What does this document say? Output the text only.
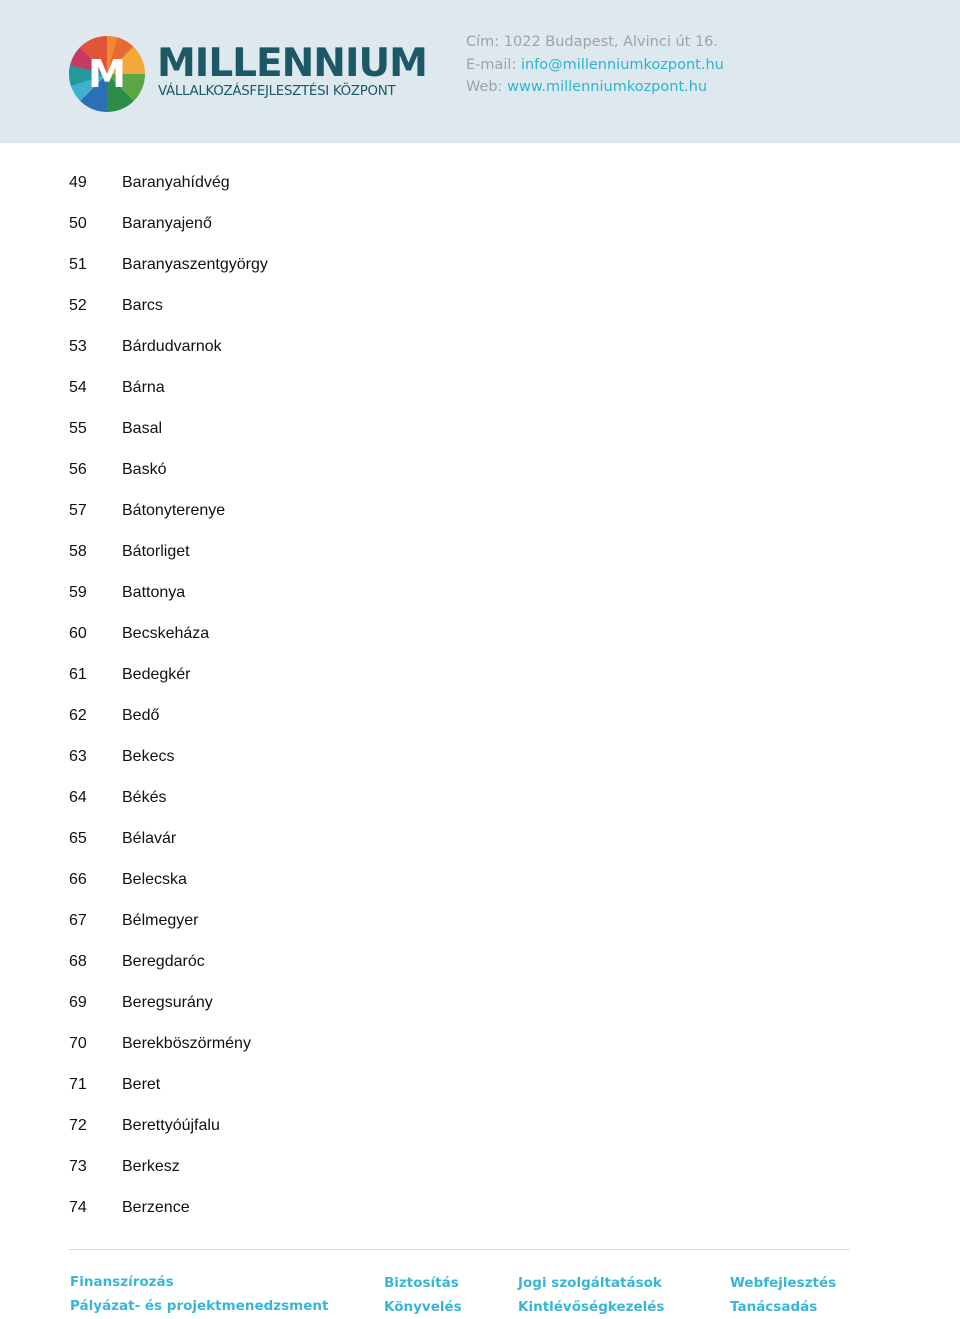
M MILLENNIUM
VÁLLALKOZÁSFEJLESZTÉSI KÖZPONT
Cím: 1022 Budapest, Alvinci út 16.
E-mail: info@millenniumkozpont.hu
Web: www.millenniumkozpont.hu
49	Baranyahídvég
50	Baranyajenő
51	Baranyaszentgyörgy
52	Barcs
53	Bárdudvarnok
54	Bárna
55	Basal
56	Baskó
57	Bátonyterenye
58	Bátorliget
59	Battonya
60	Becskeháza
61	Bedegkér
62	Bedő
63	Bekecs
64	Békés
65	Bélavár
66	Belecska
67	Bélmegyer
68	Beregdaróc
69	Beregsurány
70	Berekböszörmény
71	Beret
72	Berettyóújfalu
73	Berkesz
74	Berzence
Finanszírozás
Pályázat- és projektmenedzsment
Biztosítás
Könyvelés
Jogi szolgáltatások
Kintlévőségkezelés
Webfejlesztés
Tanácsadás
